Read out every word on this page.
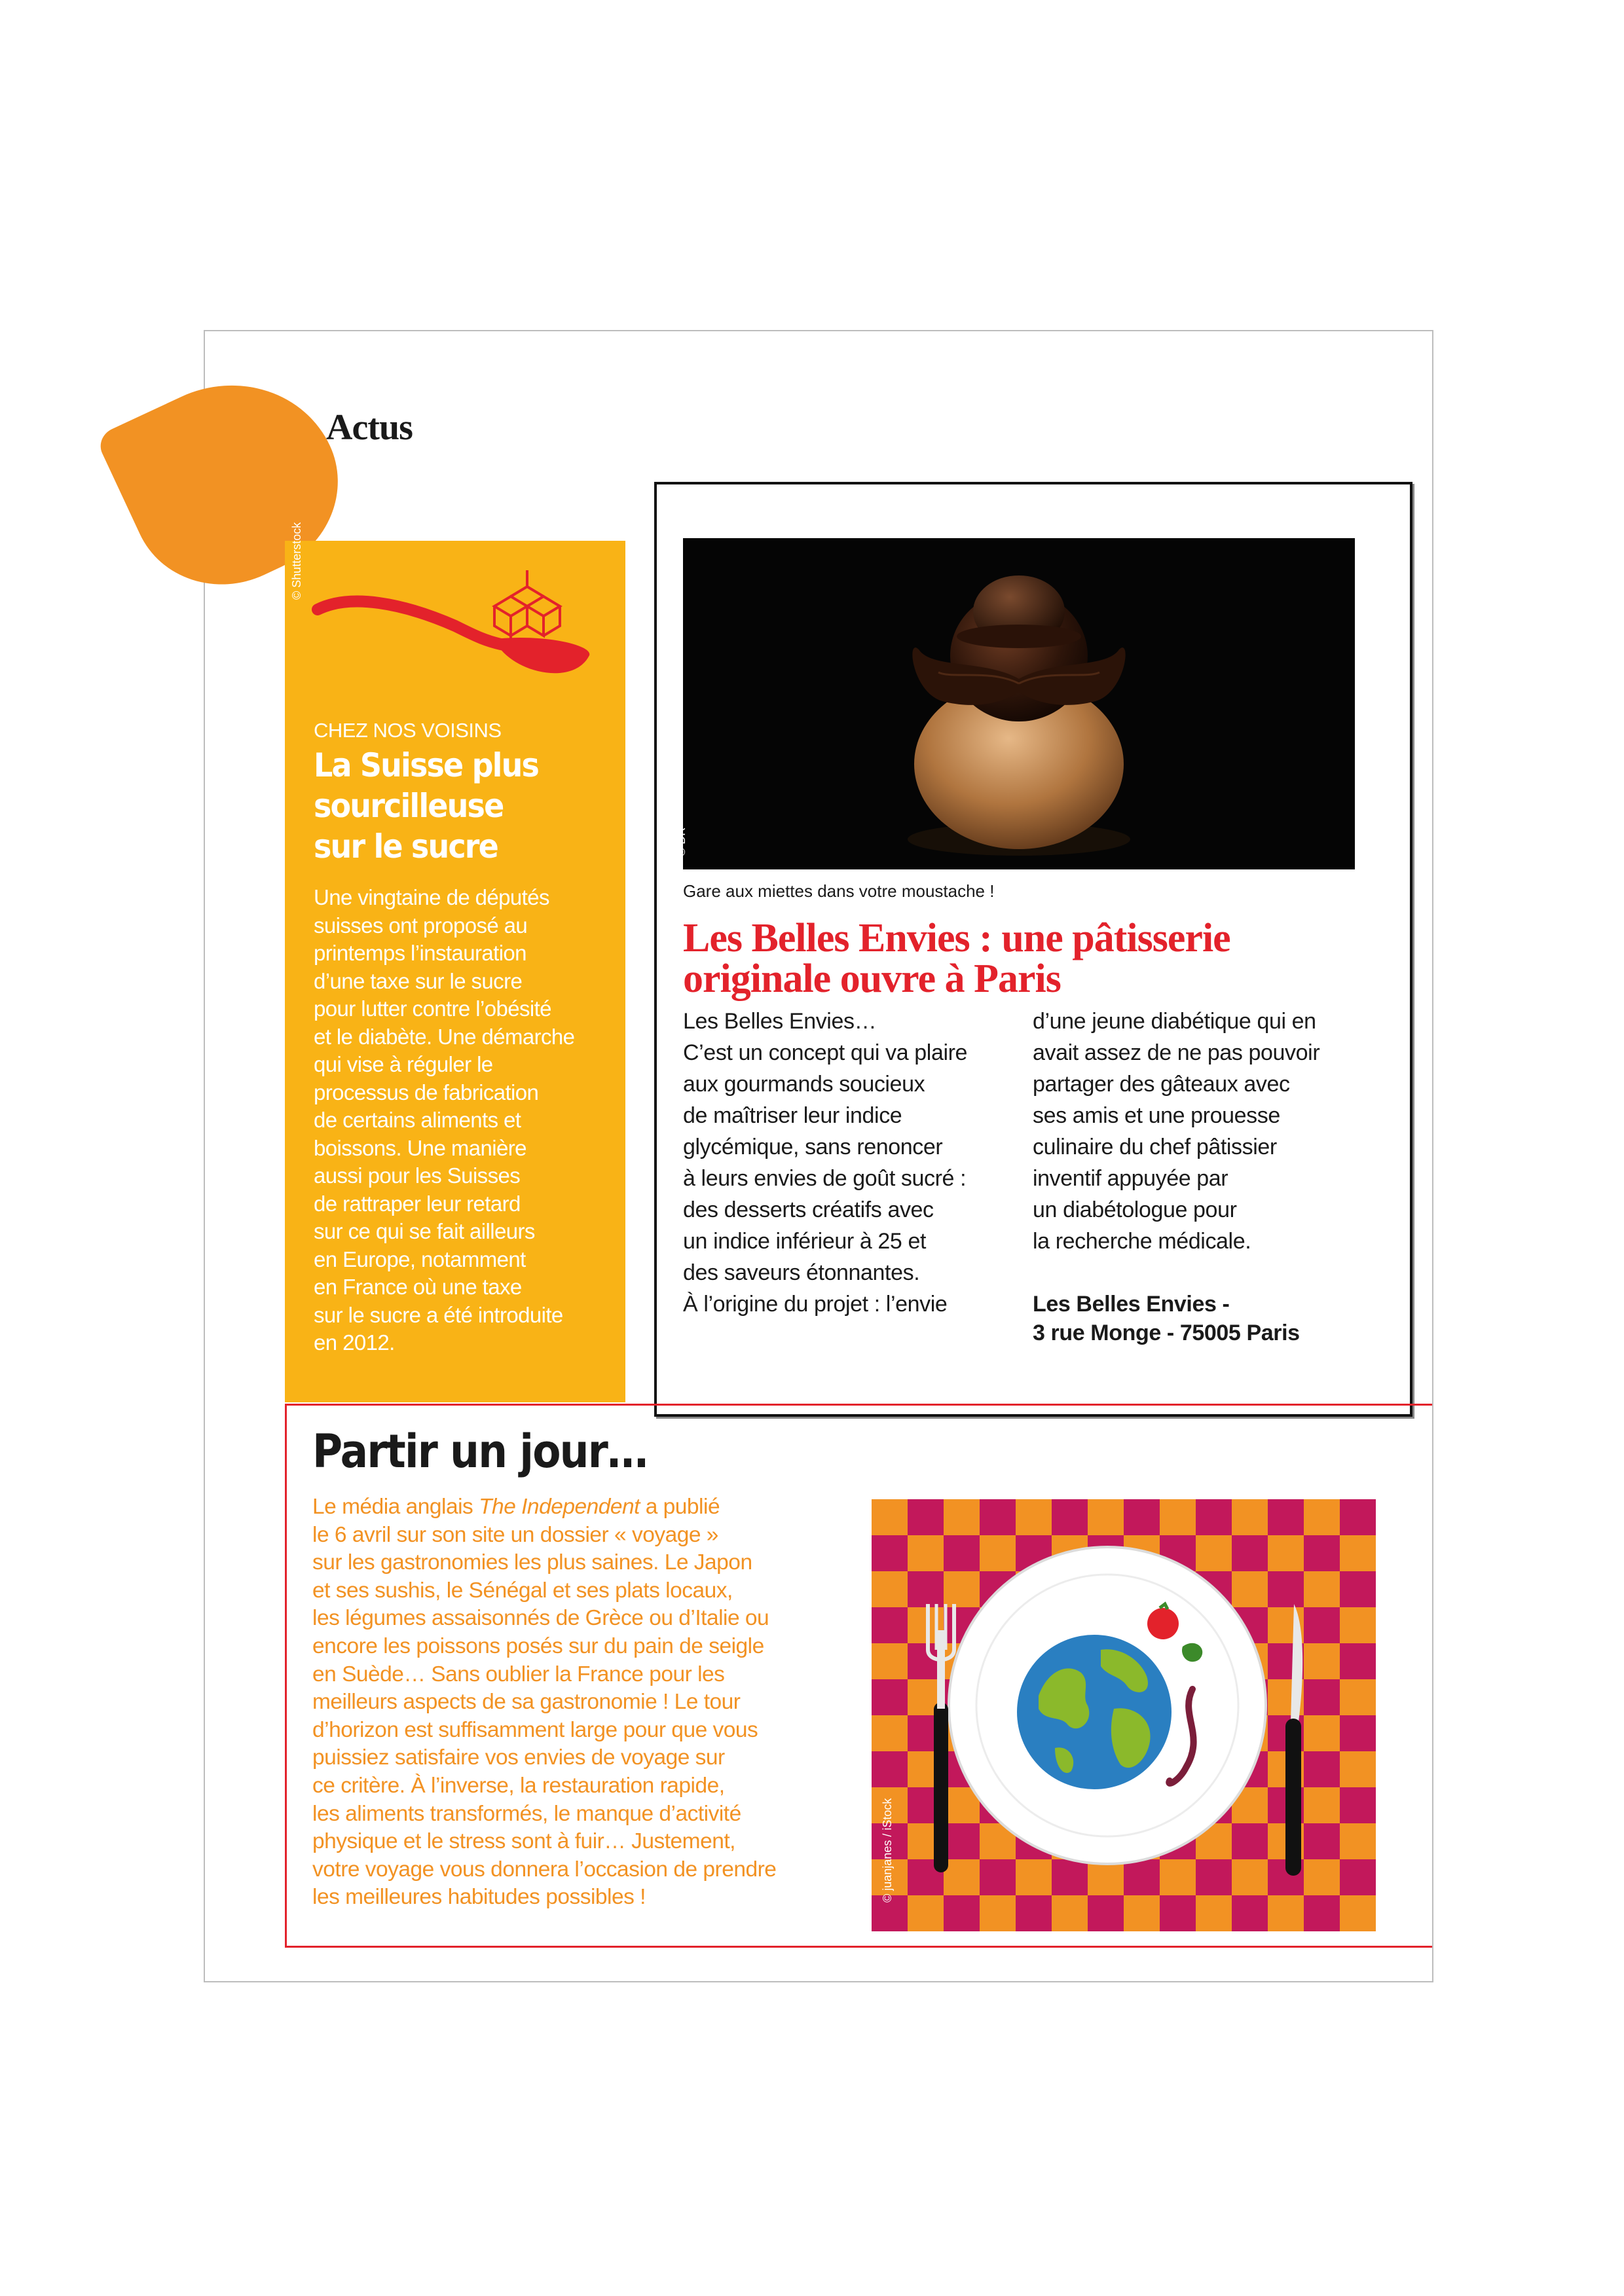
Actus
© Shutterstock
CHEZ NOS VOISINS
La Suisse plus
sourcilleuse
sur le sucre
Une vingtaine de députés
suisses ont proposé au
printemps l’instauration
d’une taxe sur le sucre
pour lutter contre l’obésité
et le diabète. Une démarche
qui vise à réguler le
processus de fabrication
de certains aliments et
boissons. Une manière
aussi pour les Suisses
de rattraper leur retard
sur ce qui se fait ailleurs
en Europe, notamment
en France où une taxe
sur le sucre a été introduite
en 2012.
© DR
Gare aux miettes dans votre moustache !
Les Belles Envies : une pâtisserie
originale ouvre à Paris
Les Belles Envies…
C’est un concept qui va plaire
aux gourmands soucieux
de maîtriser leur indice
glycémique, sans renoncer
à leurs envies de goût sucré :
des desserts créatifs avec
un indice inférieur à 25 et
des saveurs étonnantes.
À l’origine du projet : l’envie
d’une jeune diabétique qui en
avait assez de ne pas pouvoir
partager des gâteaux avec
ses amis et une prouesse
culinaire du chef pâtissier
inventif appuyée par
un diabétologue pour
la recherche médicale.
Les Belles Envies -
3 rue Monge - 75005 Paris
Partir un jour…
Le média anglais The Independent a publié
le 6 avril sur son site un dossier « voyage »
sur les gastronomies les plus saines. Le Japon
et ses sushis, le Sénégal et ses plats locaux,
les légumes assaisonnés de Grèce ou d’Italie ou
encore les poissons posés sur du pain de seigle
en Suède… Sans oublier la France pour les
meilleurs aspects de sa gastronomie ! Le tour
d’horizon est suffisamment large pour que vous
puissiez satisfaire vos envies de voyage sur
ce critère. À l’inverse, la restauration rapide,
les aliments transformés, le manque d’activité
physique et le stress sont à fuir… Justement,
votre voyage vous donnera l’occasion de prendre
les meilleures habitudes possibles !	© juanjanes / iStock
